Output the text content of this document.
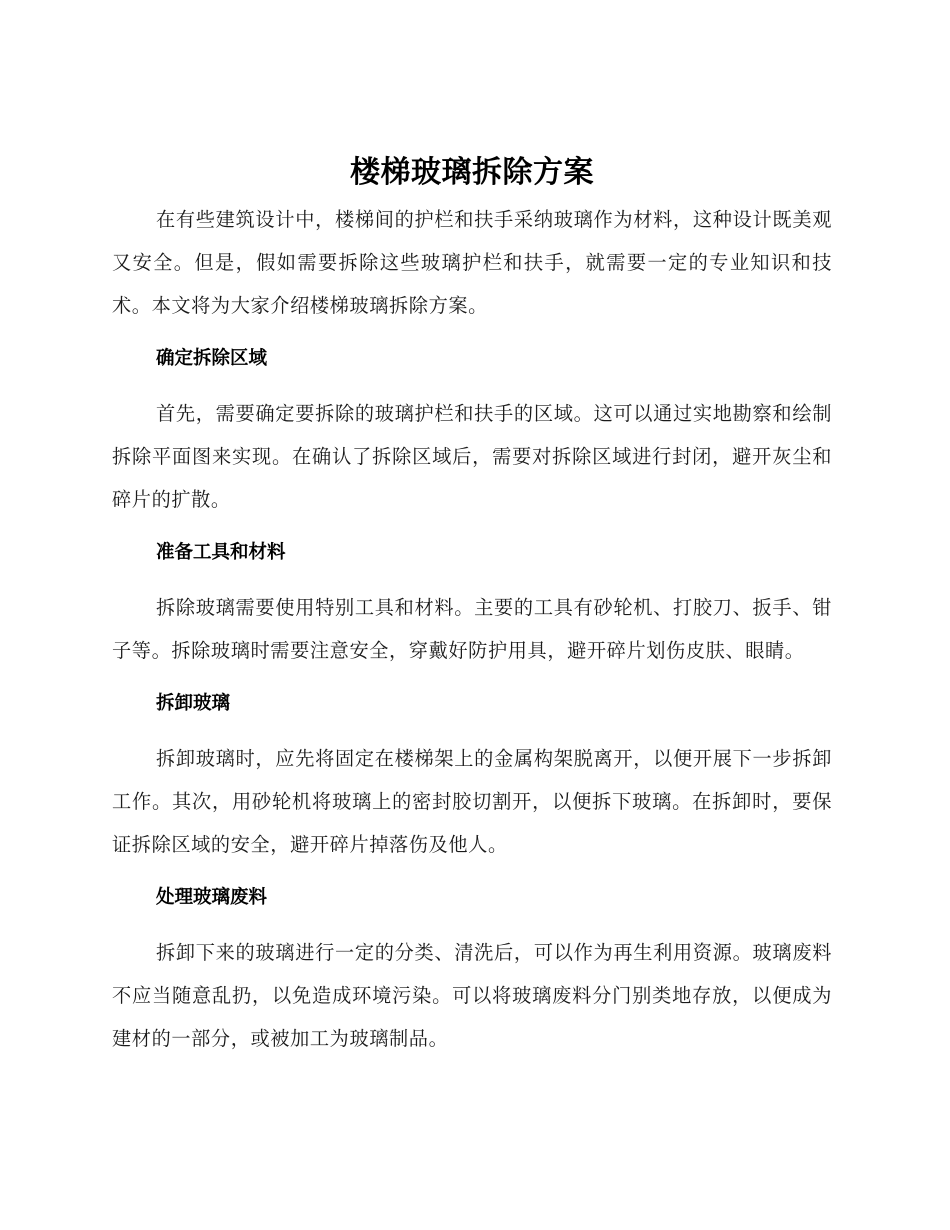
楼梯玻璃拆除方案

在有些建筑设计中，楼梯间的护栏和扶手采纳玻璃作为材料，这种设计既美观又安全。但是，假如需要拆除这些玻璃护栏和扶手，就需要一定的专业知识和技术。本文将为大家介绍楼梯玻璃拆除方案。

确定拆除区域

首先，需要确定要拆除的玻璃护栏和扶手的区域。这可以通过实地勘察和绘制拆除平面图来实现。在确认了拆除区域后，需要对拆除区域进行封闭，避开灰尘和碎片的扩散。

准备工具和材料

拆除玻璃需要使用特别工具和材料。主要的工具有砂轮机、打胶刀、扳手、钳子等。拆除玻璃时需要注意安全，穿戴好防护用具，避开碎片划伤皮肤、眼睛。

拆卸玻璃

拆卸玻璃时，应先将固定在楼梯架上的金属构架脱离开，以便开展下一步拆卸工作。其次，用砂轮机将玻璃上的密封胶切割开，以便拆下玻璃。在拆卸时，要保证拆除区域的安全，避开碎片掉落伤及他人。

处理玻璃废料

拆卸下来的玻璃进行一定的分类、清洗后，可以作为再生利用资源。玻璃废料不应当随意乱扔，以免造成环境污染。可以将玻璃废料分门别类地存放，以便成为建材的一部分，或被加工为玻璃制品。
